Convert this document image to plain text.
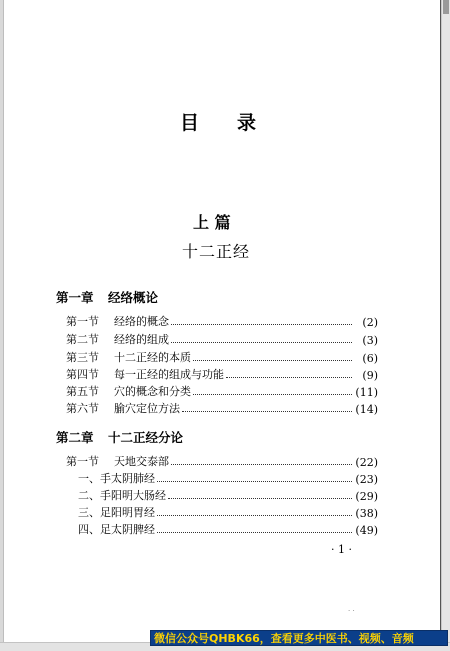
目 录
上 篇
十二正经
第一章 经络概论
第一节	经络的概念	(2)
第二节	经络的组成	(3)
第三节	十二正经的本质	(6)
第四节	每一正经的组成与功能	(9)
第五节	穴的概念和分类	(11)
第六节	腧穴定位方法	(14)
第二章 十二正经分论
第一节	天地交泰部	(22)
一、手太阴肺经	(23)
二、手阳明大肠经	(29)
三、足阳明胃经	(38)
四、足太阴脾经	(49)
· 1 ·
· ·
微信公众号QHBK66，查看更多中医书、视频、音频
